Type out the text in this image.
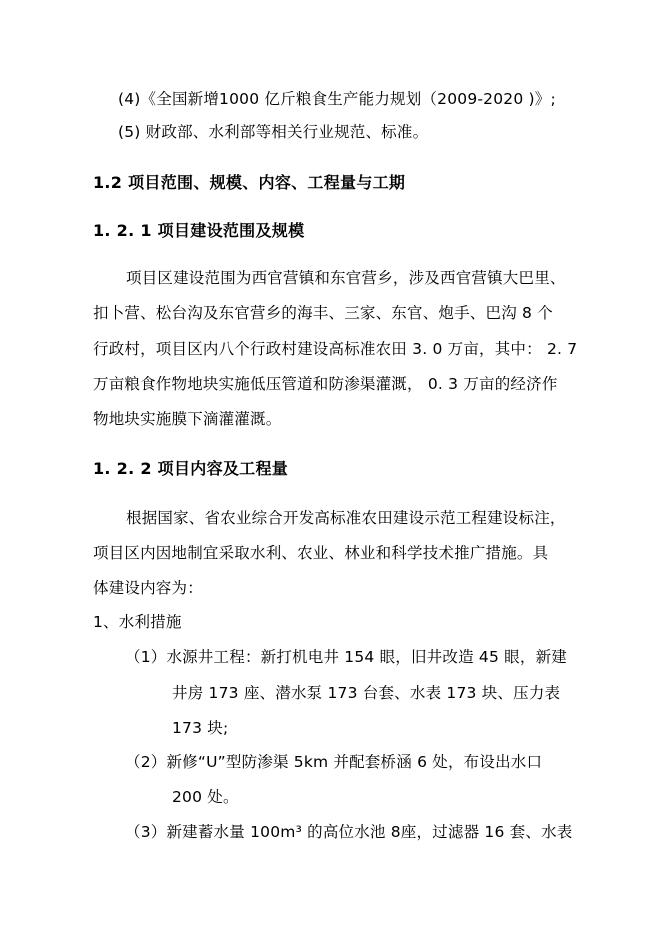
(4)《全国新增1000 亿斤粮食生产能力规划（2009-2020 )》;
(5) 财政部、水利部等相关行业规范、标准。
1.2 项目范围、规模、内容、工程量与工期
1. 2. 1 项目建设范围及规模
项目区建设范围为西官营镇和东官营乡，涉及西官营镇大巴里、
扣卜营、松台沟及东官营乡的海丰、三家、东官、炮手、巴沟 8 个
行政村，项目区内八个行政村建设高标准农田 3. 0 万亩，其中： 2. 7
万亩粮食作物地块实施低压管道和防渗渠灌溉， 0. 3 万亩的经济作
物地块实施膜下滴灌灌溉。
1. 2. 2 项目内容及工程量
根据国家、省农业综合开发高标准农田建设示范工程建设标注，
项目区内因地制宜采取水利、农业、林业和科学技术推广措施。具
体建设内容为：
1、水利措施
（1）水源井工程：新打机电井 154 眼，旧井改造 45 眼，新建
井房 173 座、潜水泵 173 台套、水表 173 块、压力表
173 块;
（2）新修“U”型防渗渠 5km 并配套桥涵 6 处，布设出水口
200 处。
（3）新建蓄水量 100m³ 的高位水池 8座，过滤器 16 套、水表
